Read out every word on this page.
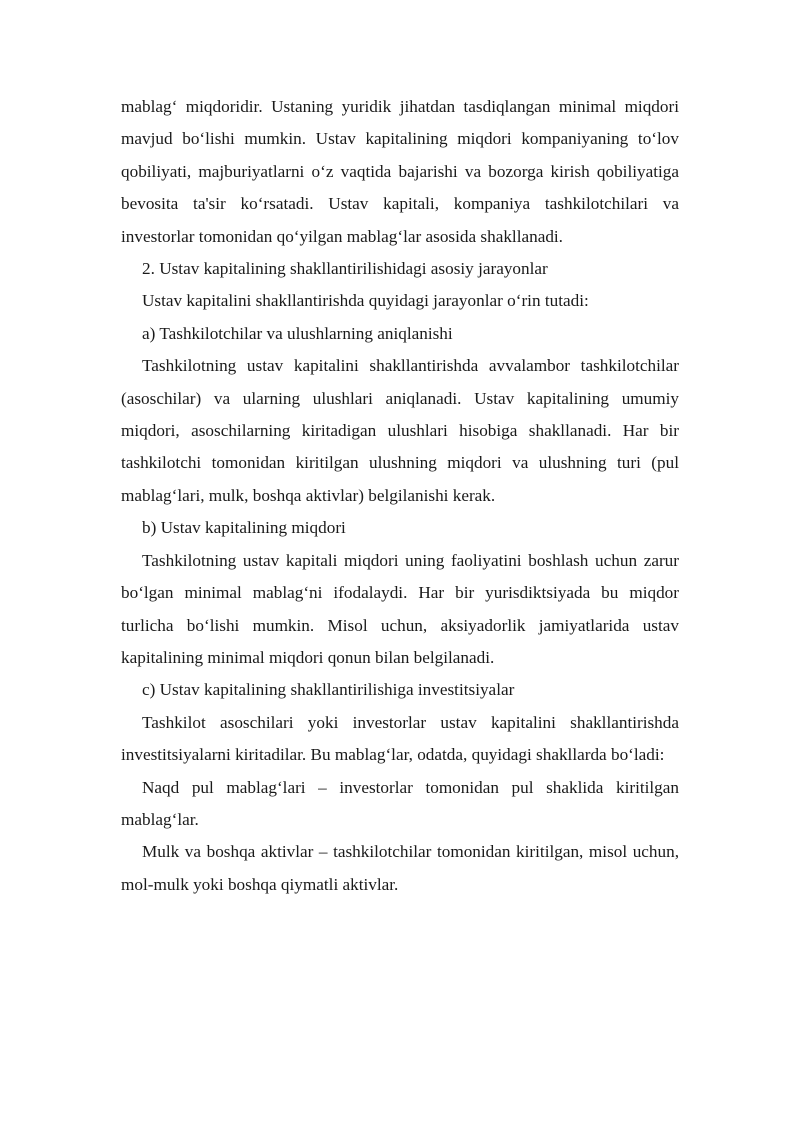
mablag‘ miqdoridir. Ustaning yuridik jihatdan tasdiqlangan minimal miqdori mavjud bo‘lishi mumkin. Ustav kapitalining miqdori kompaniyaning to‘lov qobiliyati, majburiyatlarni o‘z vaqtida bajarishi va bozorga kirish qobiliyatiga bevosita ta'sir ko‘rsatadi. Ustav kapitali, kompaniya tashkilotchilari va investorlar tomonidan qo‘yilgan mablag‘lar asosida shakllanadi.

2. Ustav kapitalining shakllantirilishidagi asosiy jarayonlar

Ustav kapitalini shakllantirishda quyidagi jarayonlar o‘rin tutadi:

a) Tashkilotchilar va ulushlarning aniqlanishi

Tashkilotning ustav kapitalini shakllantirishda avvalambor tashkilotchilar (asoschilar) va ularning ulushlari aniqlanadi. Ustav kapitalining umumiy miqdori, asoschilarning kiritadigan ulushlari hisobiga shakllanadi. Har bir tashkilotchi tomonidan kiritilgan ulushning miqdori va ulushning turi (pul mablag‘lari, mulk, boshqa aktivlar) belgilanishi kerak.

b) Ustav kapitalining miqdori

Tashkilotning ustav kapitali miqdori uning faoliyatini boshlash uchun zarur bo‘lgan minimal mablag‘ni ifodalaydi. Har bir yurisdiktsiyada bu miqdor turlicha bo‘lishi mumkin. Misol uchun, aksiyadorlik jamiyatlarida ustav kapitalining minimal miqdori qonun bilan belgilanadi.

c) Ustav kapitalining shakllantirilishiga investitsiyalar

Tashkilot asoschilari yoki investorlar ustav kapitalini shakllantirishda investitsiyalarni kiritadilar. Bu mablag‘lar, odatda, quyidagi shakllarda bo‘ladi:

Naqd pul mablag‘lari – investorlar tomonidan pul shaklida kiritilgan mablag‘lar.

Mulk va boshqa aktivlar – tashkilotchilar tomonidan kiritilgan, misol uchun, mol-mulk yoki boshqa qiymatli aktivlar.
